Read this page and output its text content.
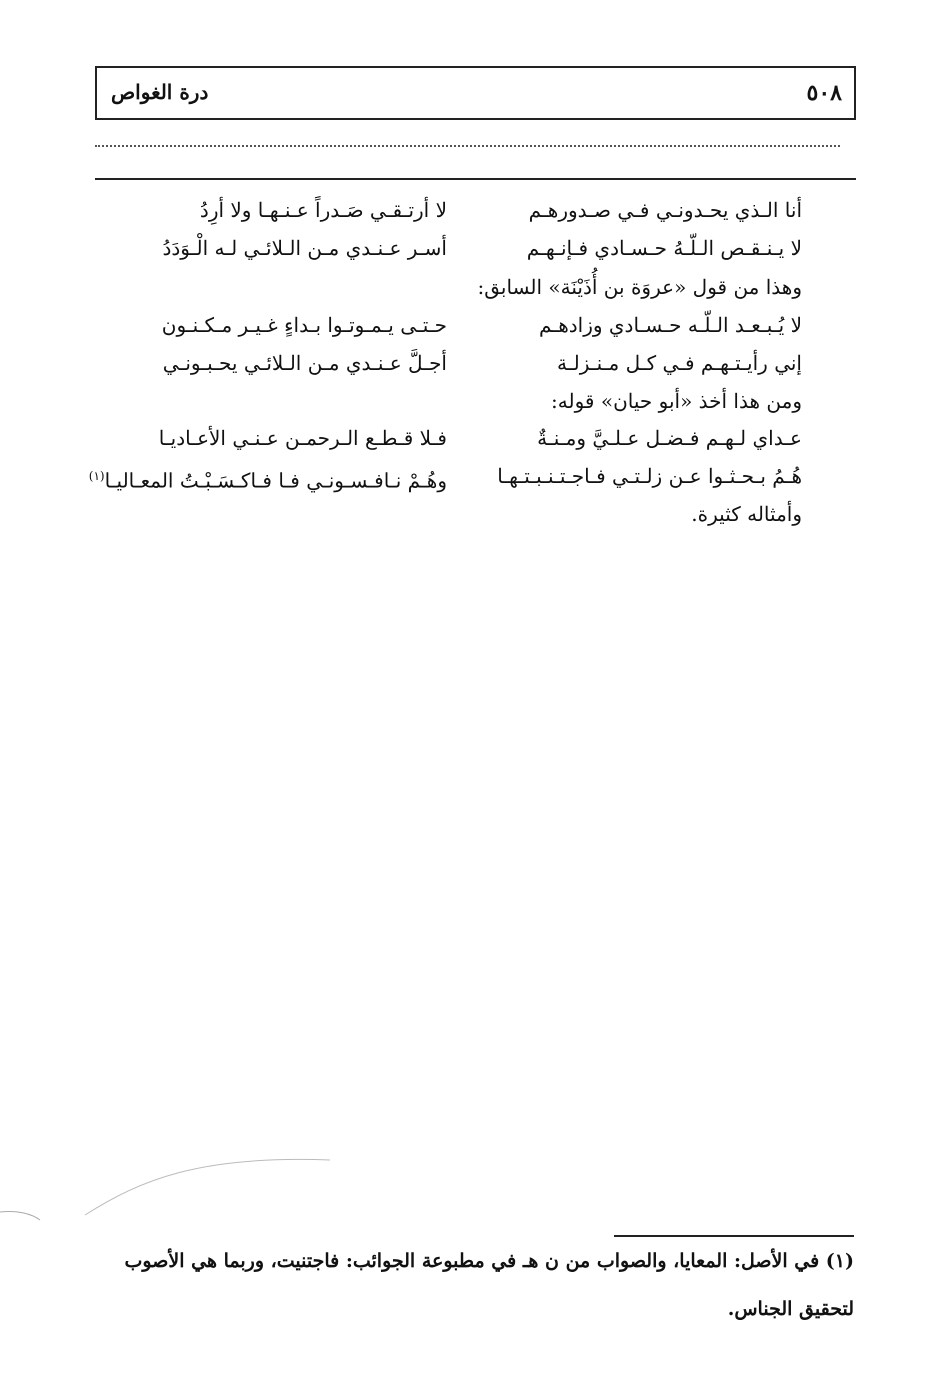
٥٠٨
درة الغواص
أنا الـذي يحـدونـي فـي صـدورهـم
لا أرتـقـي صَـدراً عـنـهـا ولا أرِدُ
لا يـنـقـص الـلّـهُ حـسـادي فـإنـهـم
أسـر عـنـدي مـن الـلائـي لـه الْـوَدَدُ
وهذا من قول «عروَة بن أُذَيْنَة» السابق:
لا يُـبـعـد الـلّـه حـسـادي وزادهـم
حـتـى يـمـوتـوا بـداءٍ غـيـر مـكـنـون
إني رأيـتـهـم فـي كـل مـنـزلـة
أجـلَّ عـنـدي مـن الـلائـي يحـبـونـي
ومن هذا أخذ «أبو حيان» قوله:
عـداي لـهـم فـضـل عـلـيَّ ومـنـةٌ
فـلا قـطـع الـرحمـن عـنـي الأعـاديـا
هُـمُ بـحـثـوا عـن زلـتـي فـاجـتـنـبـتـهـا
وهُـمْ نـافـسـونـي فـا فـاكـسَـبْـتُ المعـاليـا$^{(١)}$
وأمثاله كثيرة.
(١) في الأصل: المعايا، والصواب من ن هـ في مطبوعة الجوائب: فاجتنيت، وربما هي الأصوب
لتحقيق الجناس.
